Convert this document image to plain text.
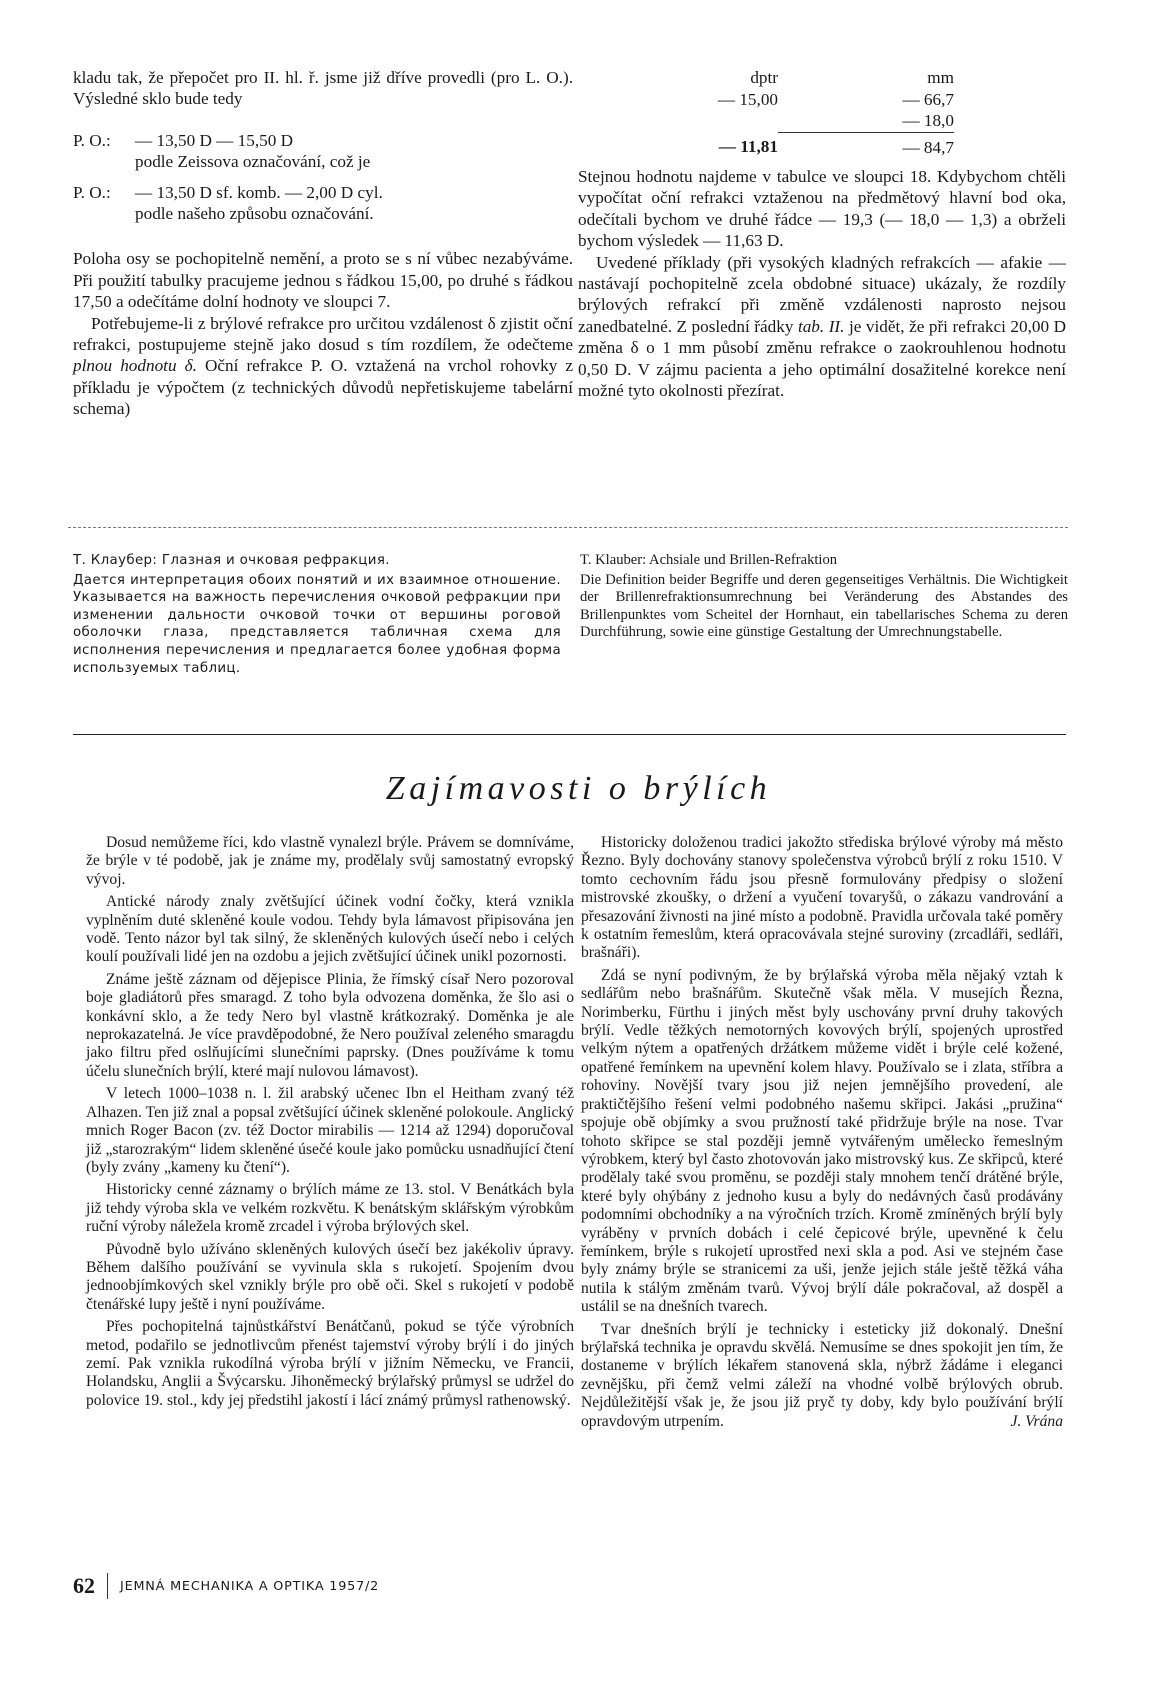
kladu tak, že přepočet pro II. hl. ř. jsme již dříve provedli (pro L. O.). Výsledné sklo bude tedy

P. O.: — 13,50 D — 15,50 D
podle Zeissova označování, což je
P. O.: — 13,50 D sf. komb. — 2,00 D cyl.
podle našeho způsobu označování.

Poloha osy se pochopitelně nemění, a proto se s ní vůbec nezabýváme. Při použití tabulky pracujeme jednou s řádkou 15,00, po druhé s řádkou 17,50 a odečítáme dolní hodnoty ve sloupci 7.

Potřebujeme-li z brýlové refrakce pro určitou vzdálenost δ zjistit oční refrakci, postupujeme stejně jako dosud s tím rozdílem, že odečteme plnou hodnotu δ. Oční refrakce P. O. vztažená na vrchol rohovky z příkladu je výpočtem (z technických důvodů nepřetiskujeme tabelární schema)

dptr	mm
— 15,00	— 66,7
	— 18,0
— 11,81	— 84,7

Stejnou hodnotu najdeme v tabulce ve sloupci 18. Kdybychom chtěli vypočítat oční refrakci vztaženou na předmětový hlavní bod oka, odečítali bychom ve druhé řádce — 19,3 (— 18,0 — 1,3) a obrželi bychom výsledek — 11,63 D.

Uvedené příklady (při vysokých kladných refrakcích — afakie — nastávají pochopitelně zcela obdobné situace) ukázaly, že rozdíly brýlových refrakcí při změně vzdálenosti naprosto nejsou zanedbatelné. Z poslední řádky tab. II. je vidět, že při refrakci 20,00 D změna δ o 1 mm působí změnu refrakce o zaokrouhlenou hodnotu 0,50 D. V zájmu pacienta a jeho optimální dosažitelné korekce není možné tyto okolnosti přezírat.

Т. Клаубер: Глазная и очковая рефракция.

Дается интерпретация обоих понятий и их взаимное отношение. Указывается на важность перечисления очковой рефракции при изменении дальности очковой точки от вершины роговой оболочки глаза, представляется табличная схема для исполнения перечисления и предлагается более удобная форма используемых таблиц.

T. Klauber: Achsiale und Brillen-Refraktion

Die Definition beider Begriffe und deren gegenseitiges Verhältnis. Die Wichtigkeit der Brillenrefraktionsumrechnung bei Veränderung des Abstandes des Brillenpunktes vom Scheitel der Hornhaut, ein tabellarisches Schema zu deren Durchführung, sowie eine günstige Gestaltung der Umrechnungstabelle.

Zajímavosti o brýlích

Dosud nemůžeme říci, kdo vlastně vynalezl brýle. Právem se domníváme, že brýle v té podobě, jak je známe my, prodělaly svůj samostatný evropský vývoj.

Antické národy znaly zvětšující účinek vodní čočky, která vznikla vyplněním duté skleněné koule vodou. Tehdy byla lámavost připisována jen vodě. Tento názor byl tak silný, že skleněných kulových úsečí nebo i celých koulí používali lidé jen na ozdobu a jejich zvětšující účinek unikl pozornosti.

Známe ještě záznam od dějepisce Plinia, že římský císař Nero pozoroval boje gladiátorů přes smaragd. Z toho byla odvozena doměnka, že šlo asi o konkávní sklo, a že tedy Nero byl vlastně krátkozraký. Doměnka je ale neprokazatelná. Je více pravděpodobné, že Nero používal zeleného smaragdu jako filtru před oslňujícími slunečními paprsky. (Dnes používáme k tomu účelu slunečních brýlí, které mají nulovou lámavost).

V letech 1000–1038 n. l. žil arabský učenec Ibn el Heitham zvaný též Alhazen. Ten již znal a popsal zvětšující účinek skleněné polokoule. Anglický mnich Roger Bacon (zv. též Doctor mirabilis — 1214 až 1294) doporučoval již „starozrakým“ lidem skleněné úsečé koule jako pomůcku usnadňující čtení (byly zvány „kameny ku čtení“).

Historicky cenné záznamy o brýlích máme ze 13. stol. V Benátkách byla již tehdy výroba skla ve velkém rozkvětu. K benátským sklářským výrobkům ruční výroby náležela kromě zrcadel i výroba brýlových skel.

Původně bylo užíváno skleněných kulových úsečí bez jakékoliv úpravy. Během dalšího používání se vyvinula skla s rukojetí. Spojením dvou jednoobjímkových skel vznikly brýle pro obě oči. Skel s rukojetí v podobě čtenářské lupy ještě i nyní používáme.

Přes pochopitelná tajnůstkářství Benátčanů, pokud se týče výrobních metod, podařilo se jednotlivcům přenést tajemství výroby brýlí i do jiných zemí. Pak vznikla rukodílná výroba brýlí v jižním Německu, ve Francii, Holandsku, Anglii a Švýcarsku. Jihoněmecký brýlařský průmysl se udržel do polovice 19. stol., kdy jej předstihl jakostí i lácí známý průmysl rathenowský.

Historicky doloženou tradici jakožto střediska brýlové výroby má město Řezno. Byly dochovány stanovy společenstva výrobců brýlí z roku 1510. V tomto cechovním řádu jsou přesně formulovány předpisy o složení mistrovské zkoušky, o držení a vyučení tovaryšů, o zákazu vandrování a přesazování živnosti na jiné místo a podobně. Pravidla určovala také poměry k ostatním řemeslům, která opracovávala stejné suroviny (zrcadláři, sedláři, brašnáři).

Zdá se nyní podivným, že by brýlařská výroba měla nějaký vztah k sedlářům nebo brašnářům. Skutečně však měla. V musejích Řezna, Norimberku, Fürthu i jiných měst byly uschovány první druhy takových brýlí. Vedle těžkých nemotorných kovových brýlí, spojených uprostřed velkým nýtem a opatřených držátkem můžeme vidět i brýle celé kožené, opatřené řemínkem na upevnění kolem hlavy. Používalo se i zlata, stříbra a rohoviny. Novější tvary jsou již nejen jemnějšího provedení, ale praktičtějšího řešení velmi podobného našemu skřipci. Jakási „pružina“ spojuje obě objímky a svou pružností také přidržuje brýle na nose. Tvar tohoto skřipce se stal později jemně vytvářeným uměleckо řemeslným výrobkem, který byl často zhotovován jako mistrovský kus. Ze skřipců, které prodělaly také svou proměnu, se později staly mnohem tenčí drátěné brýle, které byly ohýbány z jednoho kusu a byly do nedávných časů prodávány podomními obchodníky a na výročních trzích. Kromě zmíněných brýlí byly vyráběny v prvních dobách i celé čepicové brýle, upevněné k čelu řemínkem, brýle s rukojetí uprostřed nexi skla a pod. Asi ve stejném čase byly známy brýle se stranicemi za uši, jenže jejich stále ještě těžká váha nutila k stálým změnám tvarů. Vývoj brýlí dále pokračoval, až dospěl a ustálil se na dnešních tvarech.

Tvar dnešních brýlí je technicky i esteticky již dokonalý. Dnešní brýlařská technika je opravdu skvělá. Nemusíme se dnes spokojit jen tím, že dostaneme v brýlích lékařem stanovená skla, nýbrž žádáme i eleganci zevnějšku, při čemž velmi záleží na vhodné volbě brýlových obrub. Nejdůležitější však je, že jsou již pryč ty doby, kdy bylo používání brýlí opravdovým utrpením.	J. Vrána

62 JEMNÁ MECHANIKA A OPTIKA 1957/2
